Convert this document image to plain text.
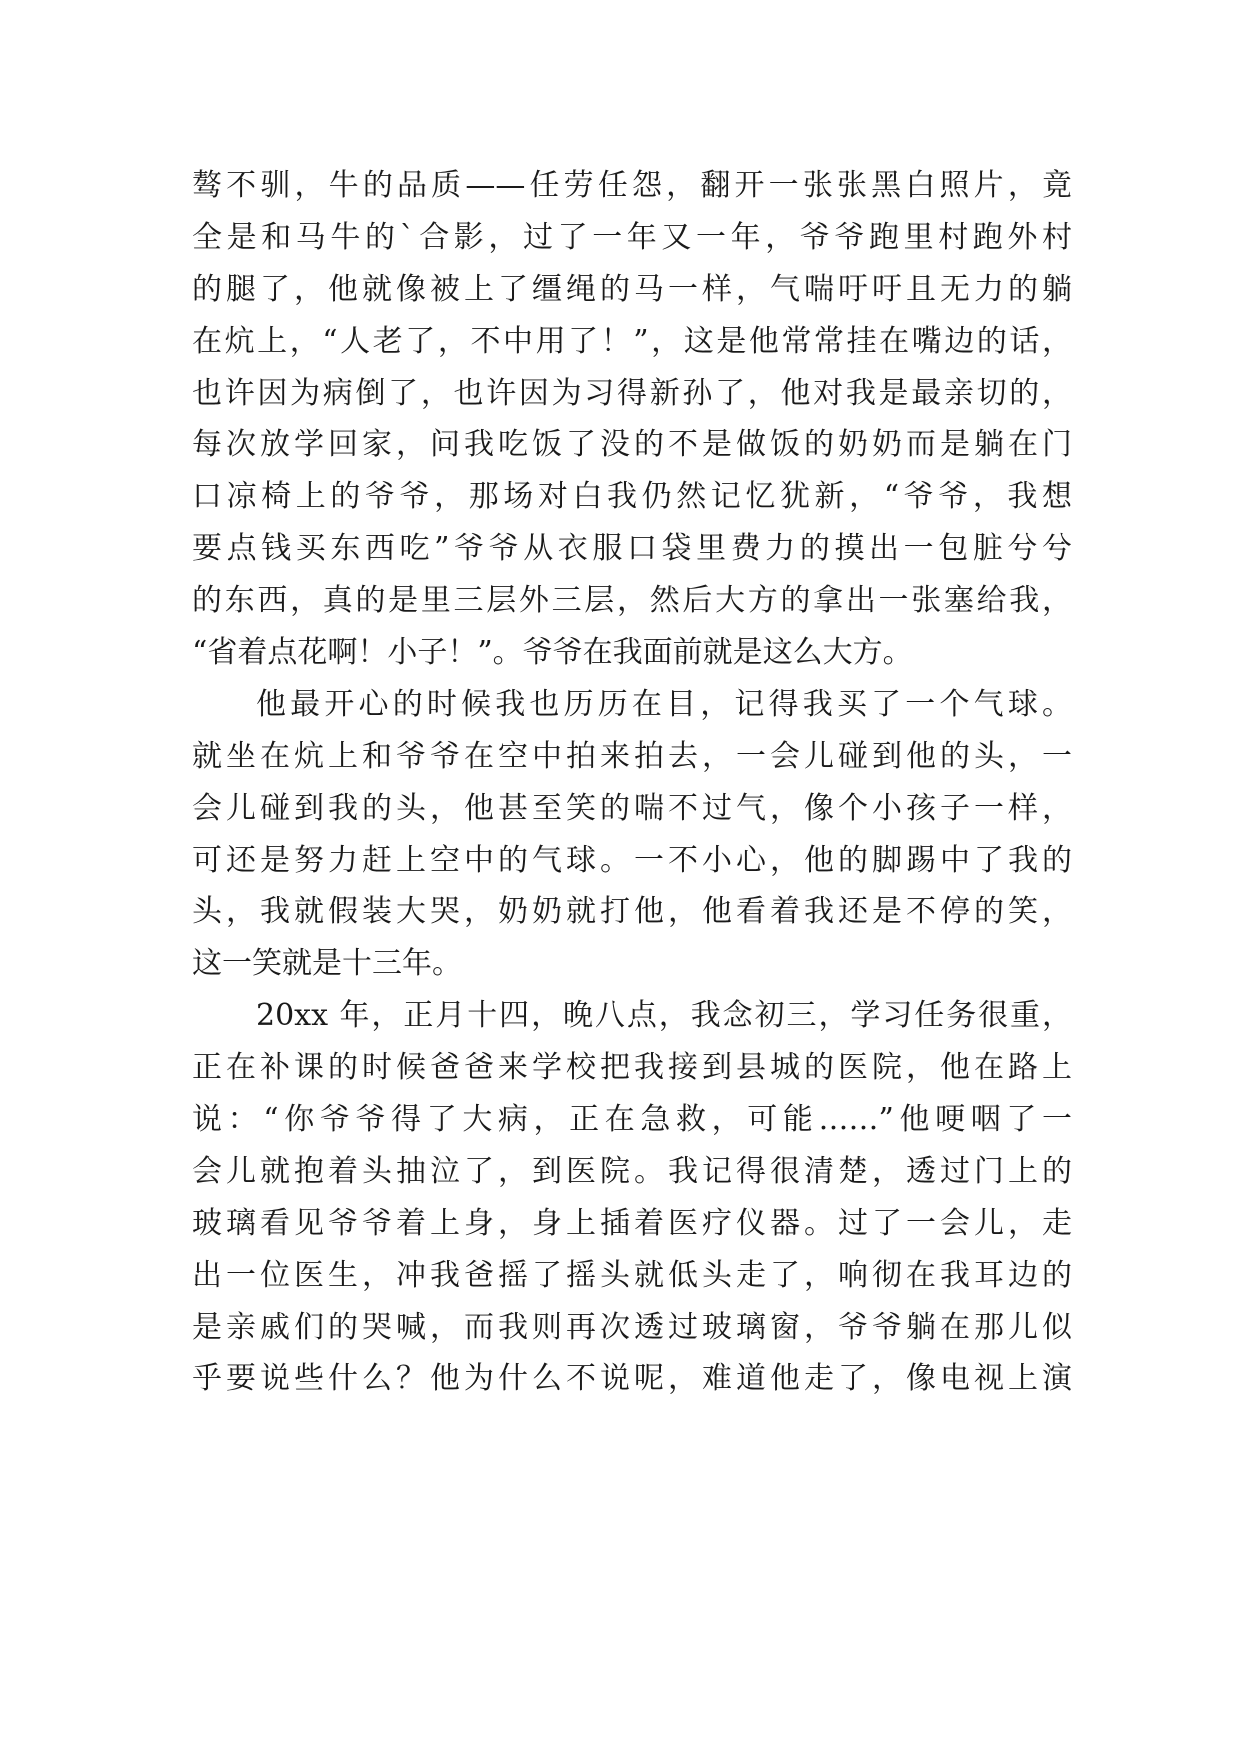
骜不驯，牛的品质——任劳任怨，翻开一张张黑白照片，竟
全是和马牛的`合影，过了一年又一年，爷爷跑里村跑外村
的腿了，他就像被上了缰绳的马一样，气喘吁吁且无力的躺
在炕上，“人老了，不中用了！”，这是他常常挂在嘴边的话，
也许因为病倒了，也许因为习得新孙了，他对我是最亲切的，
每次放学回家，问我吃饭了没的不是做饭的奶奶而是躺在门
口凉椅上的爷爷，那场对白我仍然记忆犹新，“爷爷，我想
要点钱买东西吃”爷爷从衣服口袋里费力的摸出一包脏兮兮
的东西，真的是里三层外三层，然后大方的拿出一张塞给我，
“省着点花啊！小子！”。爷爷在我面前就是这么大方。
他最开心的时候我也历历在目，记得我买了一个气球。
就坐在炕上和爷爷在空中拍来拍去，一会儿碰到他的头，一
会儿碰到我的头，他甚至笑的喘不过气，像个小孩子一样，
可还是努力赶上空中的气球。一不小心，他的脚踢中了我的
头，我就假装大哭，奶奶就打他，他看着我还是不停的笑，
这一笑就是十三年。
20xx 年，正月十四，晚八点，我念初三，学习任务很重，
正在补课的时候爸爸来学校把我接到县城的医院，他在路上
说：“你爷爷得了大病，正在急救，可能……”他哽咽了一
会儿就抱着头抽泣了，到医院。我记得很清楚，透过门上的
玻璃看见爷爷着上身，身上插着医疗仪器。过了一会儿，走
出一位医生，冲我爸摇了摇头就低头走了，响彻在我耳边的
是亲戚们的哭喊，而我则再次透过玻璃窗，爷爷躺在那儿似
乎要说些什么？他为什么不说呢，难道他走了，像电视上演
